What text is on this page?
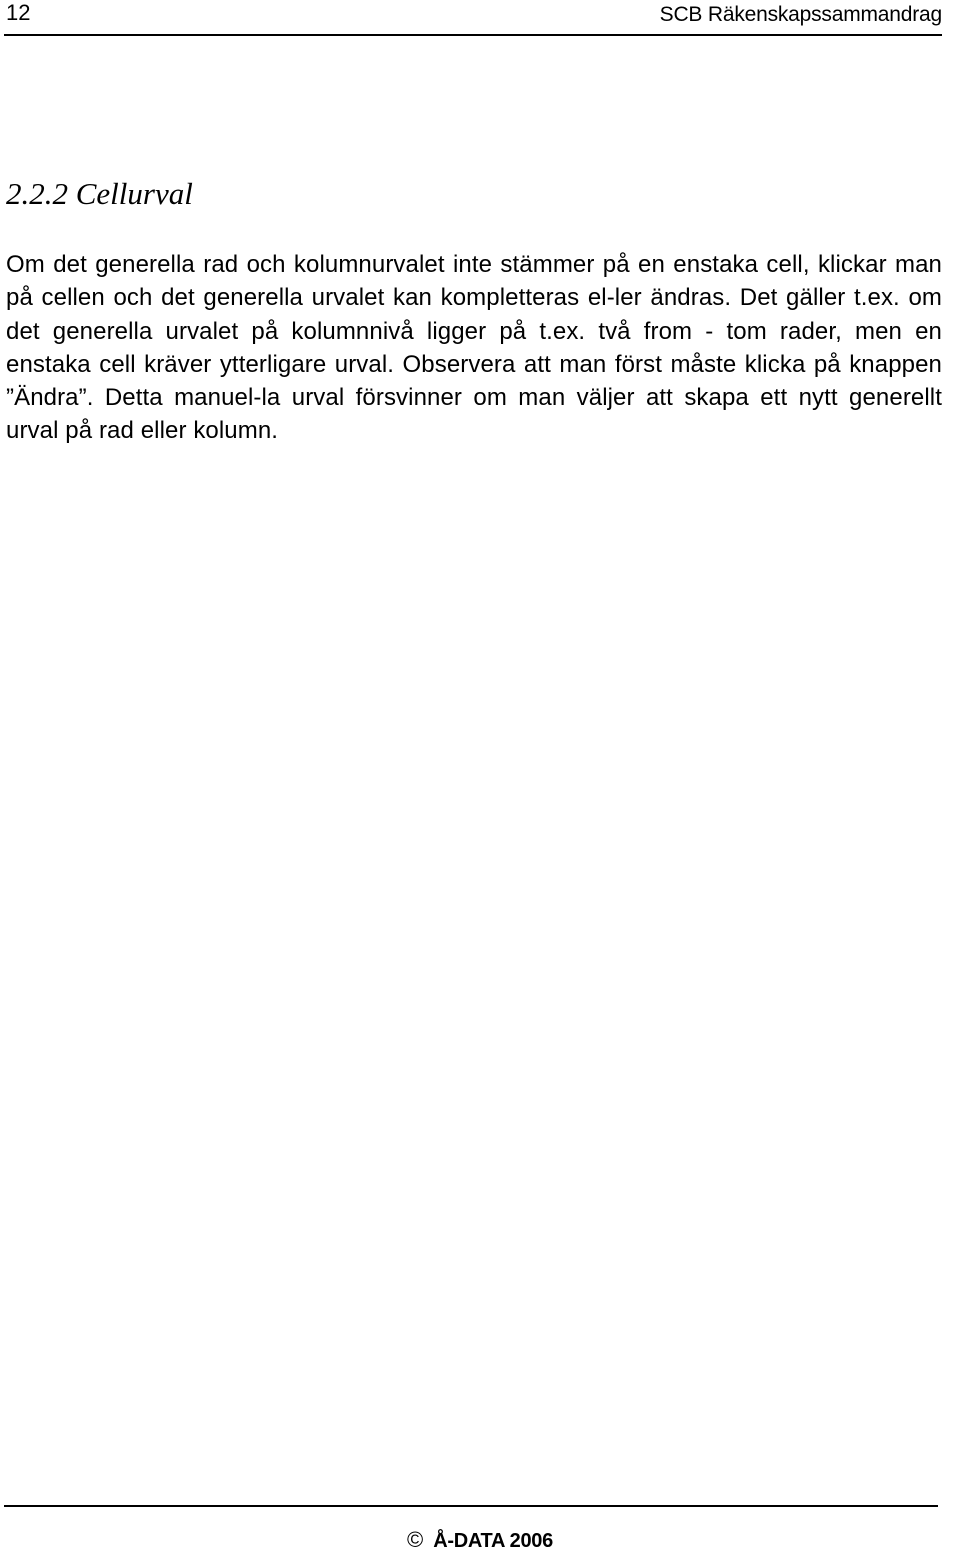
12	SCB Räkenskapssammandrag
2.2.2 Cellurval

Om det generella rad och kolumnurvalet inte stämmer på en enstaka cell, klickar man på cellen och det generella urvalet kan kompletteras el-ler ändras. Det gäller t.ex. om det generella urvalet på kolumnnivå ligger på t.ex. två from - tom rader, men en enstaka cell kräver ytterligare urval. Observera att man först måste klicka på knappen ”Ändra”. Detta manuel-la urval försvinner om man väljer att skapa ett nytt generellt urval på rad eller kolumn.

© Å-DATA 2006
